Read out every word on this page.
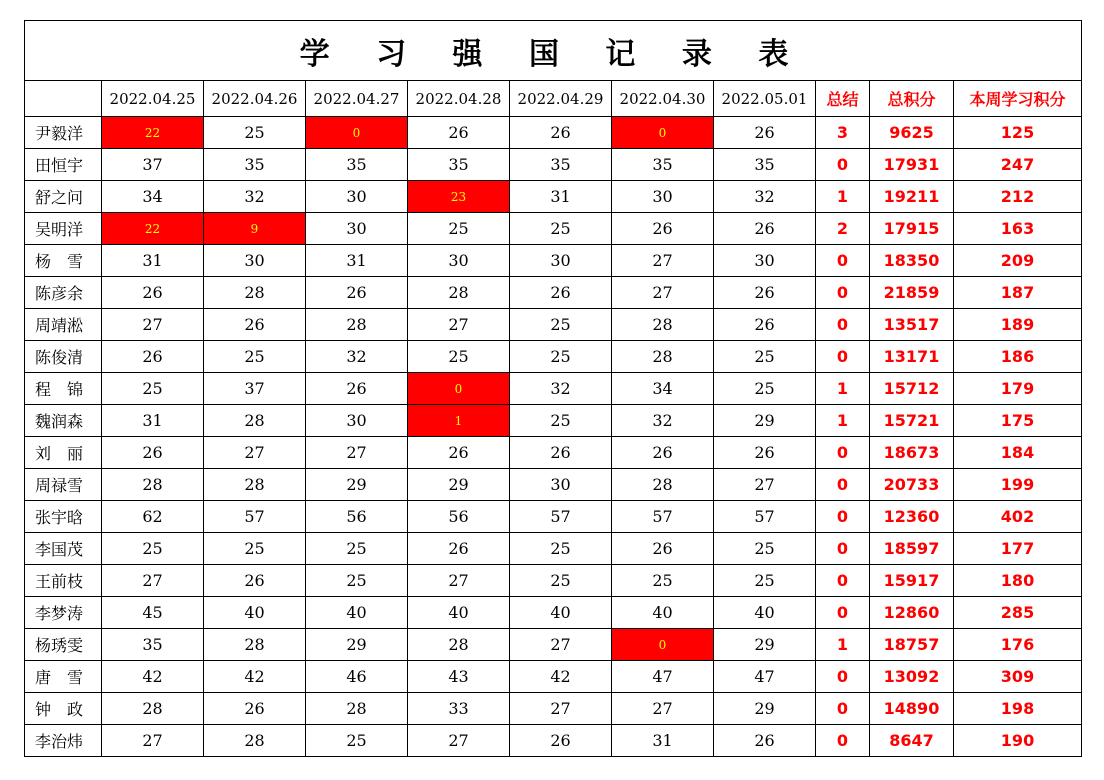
学 习 强 国 记 录 表										
	2022.04.25	2022.04.26	2022.04.27	2022.04.28	2022.04.29	2022.04.30	2022.05.01	总结	总积分	本周学习积分
尹毅洋	22	25	0	26	26	0	26	3	9625	125
田恒宇	37	35	35	35	35	35	35	0	17931	247
舒之问	34	32	30	23	31	30	32	1	19211	212
吴明洋	22	9	30	25	25	26	26	2	17915	163
杨　雪	31	30	31	30	30	27	30	0	18350	209
陈彦余	26	28	26	28	26	27	26	0	21859	187
周靖淞	27	26	28	27	25	28	26	0	13517	189
陈俊清	26	25	32	25	25	28	25	0	13171	186
程　锦	25	37	26	0	32	34	25	1	15712	179
魏润森	31	28	30	1	25	32	29	1	15721	175
刘　丽	26	27	27	26	26	26	26	0	18673	184
周禄雪	28	28	29	29	30	28	27	0	20733	199
张宇晗	62	57	56	56	57	57	57	0	12360	402
李国茂	25	25	25	26	25	26	25	0	18597	177
王前枝	27	26	25	27	25	25	25	0	15917	180
李梦涛	45	40	40	40	40	40	40	0	12860	285
杨琇雯	35	28	29	28	27	0	29	1	18757	176
唐　雪	42	42	46	43	42	47	47	0	13092	309
钟　政	28	26	28	33	27	27	29	0	14890	198
李治炜	27	28	25	27	26	31	26	0	8647	190
